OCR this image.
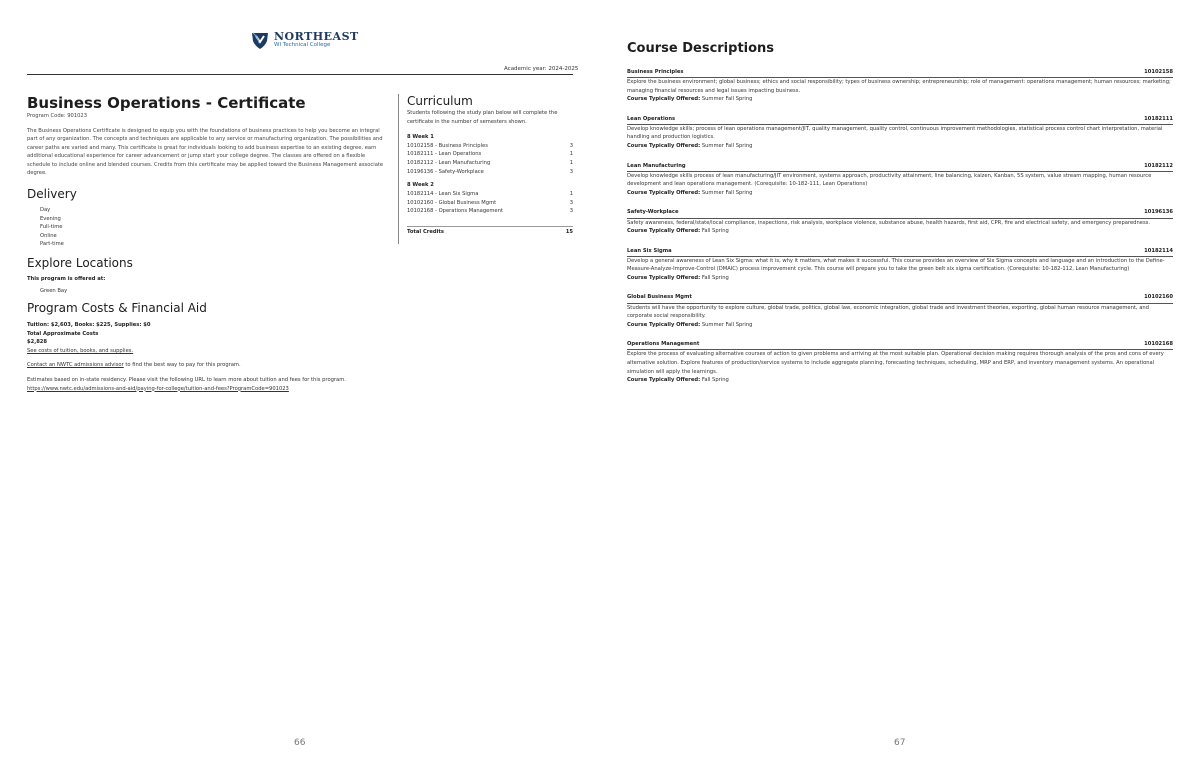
NORTHEAST
WI Technical College
Academic year: 2024-2025
Business Operations - Certificate

Program Code: 901023

The Business Operations Certificate is designed to equip you with the foundations of business practices to help you become an integral part of any organization. The concepts and techniques are applicable to any service or manufacturing organization. The possibilities and career paths are varied and many. This certificate is great for individuals looking to add business expertise to an existing degree, earn additional educational experience for career advancement or jump start your college degree. The classes are offered on a flexible schedule to include online and blended courses. Credits from this certificate may be applied toward the Business Management associate degree.

Delivery
Day
Evening
Full-time
Online
Part-time
Explore Locations

This program is offered at:

Green Bay
Program Costs & Financial Aid

Tuition: $2,603, Books: $225, Supplies: $0

Total Approximate Costs

$2,828

See costs of tuition, books, and supplies.

Contact an NWTC admissions advisor to find the best way to pay for this program.

Estimates based on in-state residency. Please visit the following URL to learn more about tuition and fees for this program.

https://www.nwtc.edu/admissions-and-aid/paying-for-college/tuition-and-fees?ProgramCode=901023

Curriculum

Students following the study plan below will complete the certificate in the number of semesters shown.

8 Week 1
10102158 - Business Principles	3
10182111 - Lean Operations	1
10182112 - Lean Manufacturing	1
10196136 - Safety-Workplace	3
8 Week 2
10182114 - Lean Six Sigma	1
10102160 - Global Business Mgmt	3
10102168 - Operations Management	3
Total Credits	15
66
Course Descriptions
Business Principles	10102158

Explore the business environment; global business; ethics and social responsibility; types of business ownership; entrepreneurship; role of management: operations management; human resources; marketing; managing financial resources and legal issues impacting business.

Course Typically Offered: Summer Fall Spring

Lean Operations	10182111

Develop knowledge skills; process of lean operations management/JIT, quality management, quality control, continuous improvement methodologies, statistical process control chart interpretation, material handling and production logistics.

Course Typically Offered: Summer Fall Spring

Lean Manufacturing	10182112

Develop knowledge skills process of lean manufacturing/JIT environment, systems approach, productivity attainment, line balancing, kaizen, Kanban, 5S system, value stream mapping, human resource development and lean operations management. (Corequisite: 10-182-111, Lean Operations)

Course Typically Offered: Summer Fall Spring

Safety-Workplace	10196136

Safety awareness, federal/state/local compliance, inspections, risk analysis, workplace violence, substance abuse, health hazards, first aid, CPR, fire and electrical safety, and emergency preparedness.

Course Typically Offered: Fall Spring

Lean Six Sigma	10182114

Develop a general awareness of Lean Six Sigma: what it is, why it matters, what makes it successful. This course provides an overview of Six Sigma concepts and language and an introduction to the Define-Measure-Analyze-Improve-Control (DMAIC) process improvement cycle. This course will prepare you to take the green belt six sigma certification. (Corequisite: 10-182-112, Lean Manufacturing)

Course Typically Offered: Fall Spring

Global Business Mgmt	10102160

Students will have the opportunity to explore culture, global trade, politics, global law, economic integration, global trade and investment theories, exporting, global human resource management, and corporate social responsibility.

Course Typically Offered: Summer Fall Spring

Operations Management	10102168

Explore the process of evaluating alternative courses of action to given problems and arriving at the most suitable plan. Operational decision making requires thorough analysis of the pros and cons of every alternative solution. Explore features of production/service systems to include aggregate planning, forecasting techniques, scheduling, MRP and ERP, and inventory management systems. An operational simulation will apply the learnings.

Course Typically Offered: Fall Spring

67
